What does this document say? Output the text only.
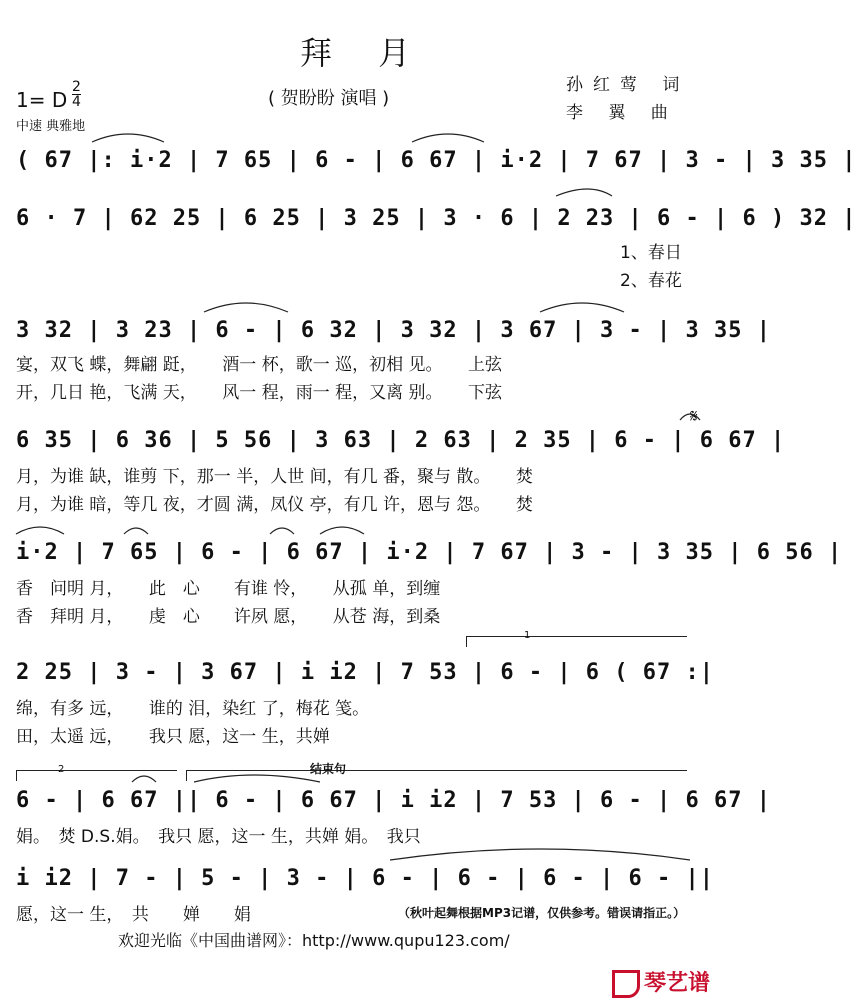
拜 月
( 贺盼盼 演唱 )
孙红莺 词
李 翼 曲
1= D $\frac{2}{4}$
中速 典雅地
( 67 |: i·2 | 7 65 | 6 - | 6 67 | i·2 | 7 67 | 3 - | 3 35 |
6 · 7 | 62 25 | 6 25 | 3 25 | 3 · 6 | 2 23 | 6 - | 6 ) 32 |
1、春日
2、春花
3 32 | 3 23 | 6 - | 6 32 | 3 32 | 3 67 | 3 - | 3 35 |
宴，双飞 蝶，舞翩 跹，　　酒一 杯，歌一 巡，初相 见。　　上弦
开，几日 艳，飞满 天，　　风一 程，雨一 程，又离 别。　　下弦
𝄋
6 35 | 6 36 | 5 56 | 3 63 | 2 63 | 2 35 | 6 - | 6 67 |
月，为谁 缺，谁剪 下，那一 半，人世 间，有几 番，聚与 散。　　焚
月，为谁 暗，等几 夜，才圆 满，凤仪 亭，有几 许，恩与 怨。　　焚
i·2 | 7 65 | 6 - | 6 67 | i·2 | 7 67 | 3 - | 3 35 | 6 56 |
香　问明 月，　　此　心　　有谁 怜，　　从孤 单，到缠
香　拜明 月，　　虔　心　　许夙 愿，　　从苍 海，到桑
1
2 25 | 3 - | 3 67 | i i2 | 7 53 | 6 - | 6 ( 67 :|
绵，有多 远，　　谁的 泪，染红 了，梅花 笺。
田，太遥 远，　　我只 愿，这一 生，共婵
2	结束句
6 - | 6 67 || 6 - | 6 67 | i i2 | 7 53 | 6 - | 6 67 |
娟。　焚 D.S.娟。　我只 愿，这一 生，共婵 娟。　我只
i i2 | 7 - | 5 - | 3 - | 6 - | 6 - | 6 - | 6 - ||
愿，这一 生，　共　　婵　　娟	（秋叶起舞根据MP3记谱，仅供参考。错误请指正。）
欢迎光临《中国曲谱网》：http://www.qupu123.com/
琴艺谱
